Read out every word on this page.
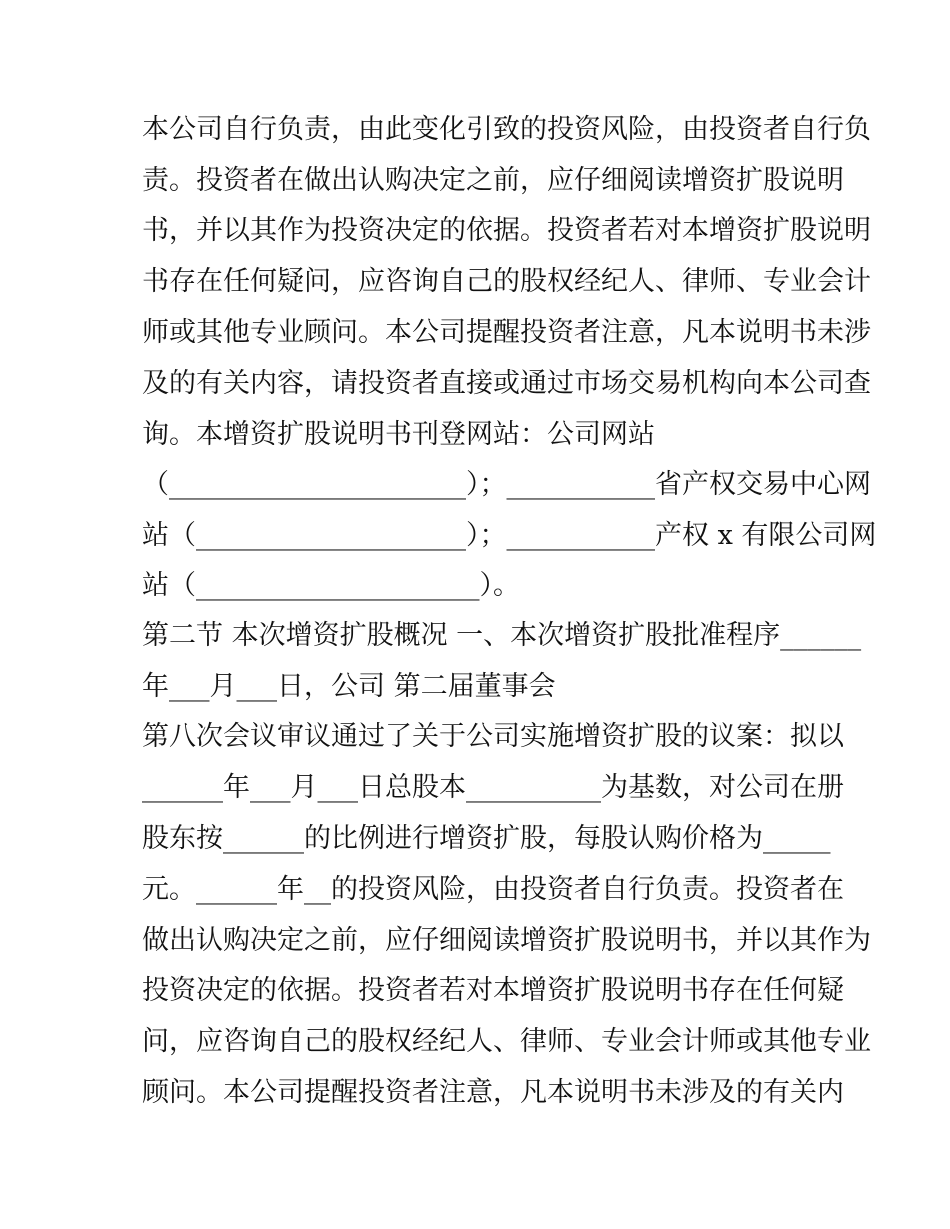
本公司自行负责，由此变化引致的投资风险，由投资者自行负
责。投资者在做出认购决定之前，应仔细阅读增资扩股说明
书，并以其作为投资决定的依据。投资者若对本增资扩股说明
书存在任何疑问，应咨询自己的股权经纪人、律师、专业会计
师或其他专业顾问。本公司提醒投资者注意，凡本说明书未涉
及的有关内容，请投资者直接或通过市场交易机构向本公司查
询。本增资扩股说明书刊登网站：公司网站
（______________________）；___________省产权交易中心网
站（____________________）；___________产权 x 有限公司网
站（_____________________）。
第二节 本次增资扩股概况 一、本次增资扩股批准程序______
年___月___日，公司 第二届董事会
第八次会议审议通过了关于公司实施增资扩股的议案：拟以
______年___月___日总股本__________为基数，对公司在册
股东按______的比例进行增资扩股，每股认购价格为_____
元。______年__的投资风险，由投资者自行负责。投资者在
做出认购决定之前，应仔细阅读增资扩股说明书，并以其作为
投资决定的依据。投资者若对本增资扩股说明书存在任何疑
问，应咨询自己的股权经纪人、律师、专业会计师或其他专业
顾问。本公司提醒投资者注意，凡本说明书未涉及的有关内
